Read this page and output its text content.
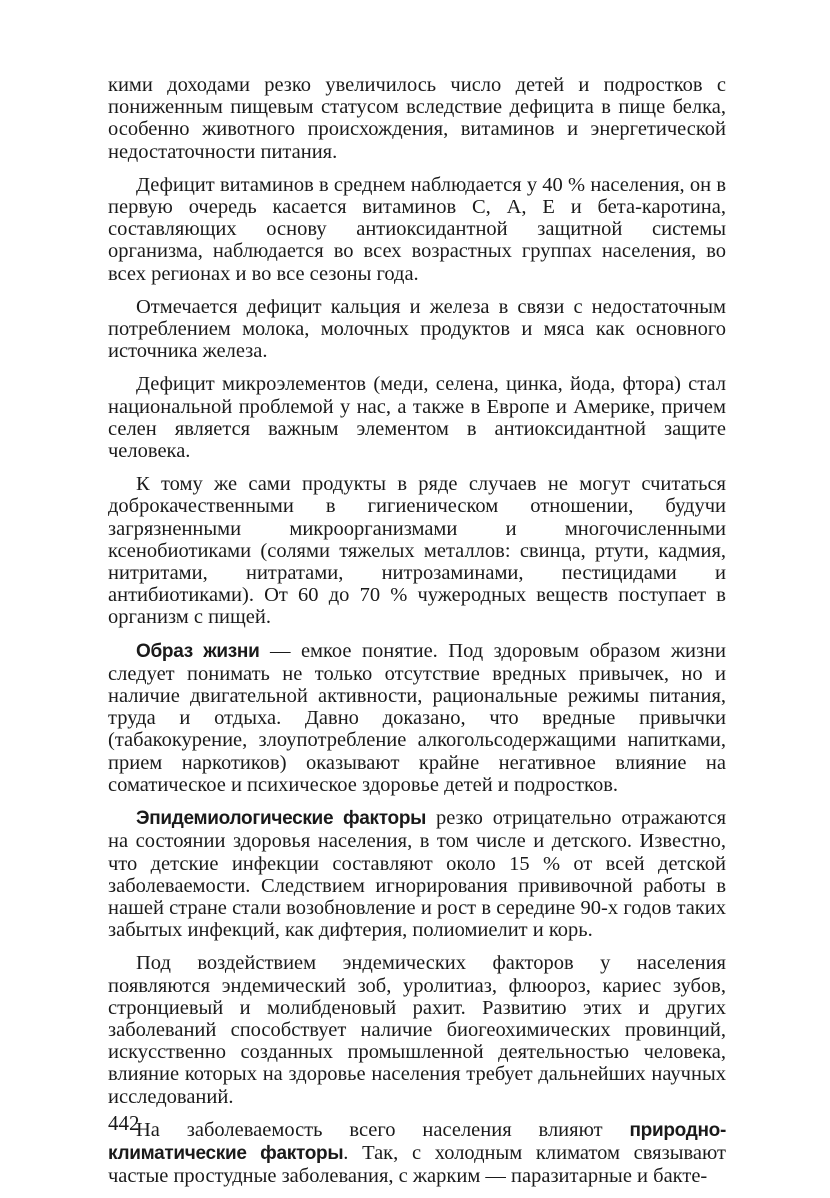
кими доходами резко увеличилось число детей и подростков с пониженным пищевым статусом вследствие дефицита в пище белка, особенно животного происхождения, витаминов и энергетической недостаточности питания.

Дефицит витаминов в среднем наблюдается у 40 % населения, он в первую очередь касается витаминов С, А, Е и бета-каротина, составляющих основу антиоксидантной защитной системы организма, наблюдается во всех возрастных группах населения, во всех регионах и во все сезоны года.

Отмечается дефицит кальция и железа в связи с недостаточным потреблением молока, молочных продуктов и мяса как основного источника железа.

Дефицит микроэлементов (меди, селена, цинка, йода, фтора) стал национальной проблемой у нас, а также в Европе и Америке, причем селен является важным элементом в антиоксидантной защите человека.

К тому же сами продукты в ряде случаев не могут считаться доброкачественными в гигиеническом отношении, будучи загрязненными микроорганизмами и многочисленными ксенобиотиками (солями тяжелых металлов: свинца, ртути, кадмия, нитритами, нитратами, нитрозаминами, пестицидами и антибиотиками). От 60 до 70 % чужеродных веществ поступает в организм с пищей.

Образ жизни — емкое понятие. Под здоровым образом жизни следует понимать не только отсутствие вредных привычек, но и наличие двигательной активности, рациональные режимы питания, труда и отдыха. Давно доказано, что вредные привычки (табакокурение, злоупотребление алкогольсодержащими напитками, прием наркотиков) оказывают крайне негативное влияние на соматическое и психическое здоровье детей и подростков.

Эпидемиологические факторы резко отрицательно отражаются на состоянии здоровья населения, в том числе и детского. Известно, что детские инфекции составляют около 15 % от всей детской заболеваемости. Следствием игнорирования прививочной работы в нашей стране стали возобновление и рост в середине 90-х годов таких забытых инфекций, как дифтерия, полиомиелит и корь.

Под воздействием эндемических факторов у населения появляются эндемический зоб, уролитиаз, флюороз, кариес зубов, стронциевый и молибденовый рахит. Развитию этих и других заболеваний способствует наличие биогеохимических провинций, искусственно созданных промышленной деятельностью человека, влияние которых на здоровье населения требует дальнейших научных исследований.

На заболеваемость всего населения влияют природно-климатические факторы. Так, с холодным климатом связывают частые простудные заболевания, с жарким — паразитарные и бакте-

442
